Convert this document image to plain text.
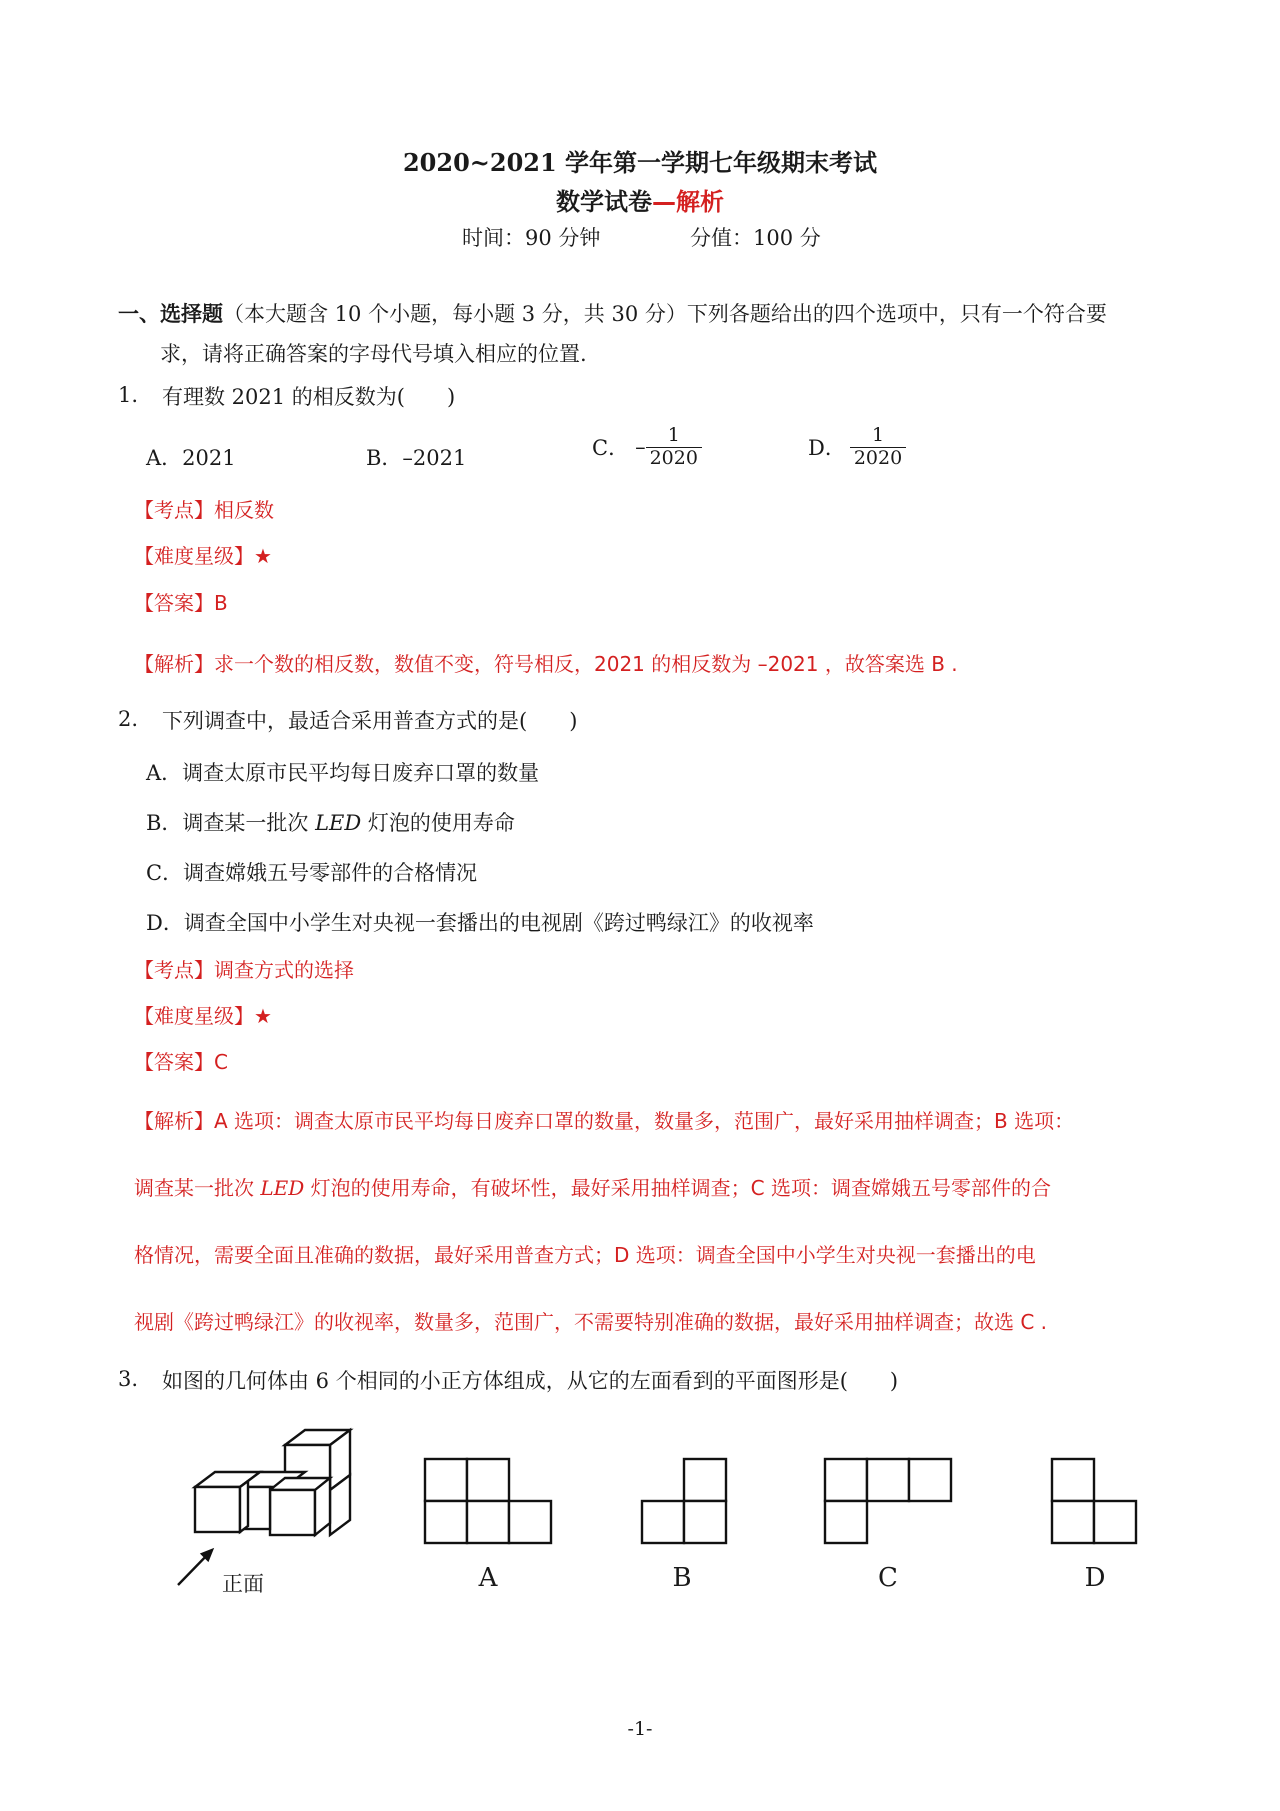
2020~2021 学年第一学期七年级期末考试
数学试卷—解析
时间：90 分钟	分值：100 分
一、选择题（本大题含 10 个小题，每小题 3 分，共 30 分）下列各题给出的四个选项中，只有一个符合要
求，请将正确答案的字母代号填入相应的位置.
1. 有理数 2021 的相反数为(　　)
A．2021	B．–2021	C． – $\frac{1}{2020}$	D． $\frac{1}{2020}$
【考点】相反数
【难度星级】★
【答案】B
【解析】求一个数的相反数，数值不变，符号相反，2021 的相反数为 –2021 ，故答案选 B .
2. 下列调查中，最适合采用普查方式的是(　　)
A．调查太原市民平均每日废弃口罩的数量
B．调查某一批次 LED 灯泡的使用寿命
C．调查嫦娥五号零部件的合格情况
D．调查全国中小学生对央视一套播出的电视剧《跨过鸭绿江》的收视率
【考点】调查方式的选择
【难度星级】★
【答案】C
【解析】A 选项：调查太原市民平均每日废弃口罩的数量，数量多，范围广，最好采用抽样调查；B 选项：
调查某一批次 LED 灯泡的使用寿命，有破坏性，最好采用抽样调查；C 选项：调查嫦娥五号零部件的合
格情况，需要全面且准确的数据，最好采用普查方式；D 选项：调查全国中小学生对央视一套播出的电
视剧《跨过鸭绿江》的收视率，数量多，范围广，不需要特别准确的数据，最好采用抽样调查；故选 C .
3. 如图的几何体由 6 个相同的小正方体组成，从它的左面看到的平面图形是(　　)
正面	A	B	C	D
-1-
